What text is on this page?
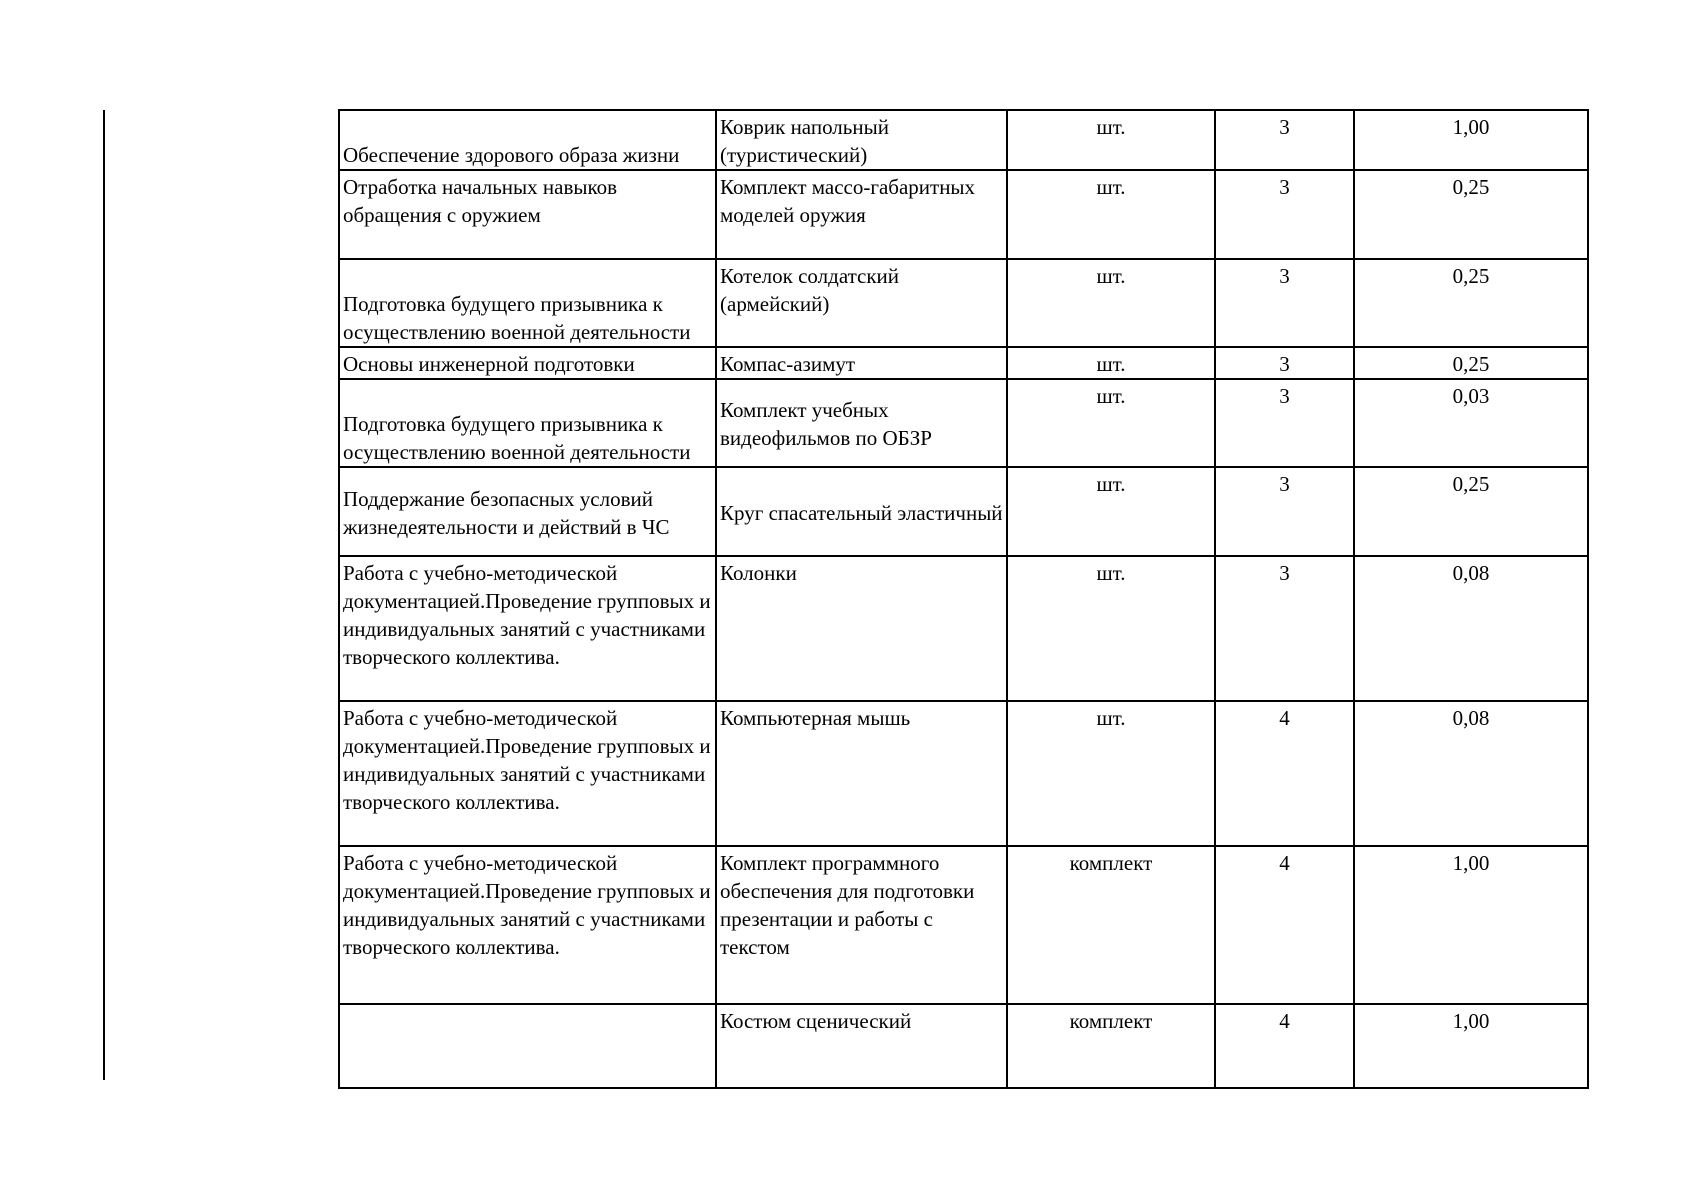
Обеспечение здорового образа жизни	Коврик напольный (туристический)	шт.	3	1,00
Отработка начальных навыков обращения с оружием	Комплект массо-габаритных моделей оружия	шт.	3	0,25
Подготовка будущего призывника к осуществлению военной деятельности	Котелок солдатский (армейский)	шт.	3	0,25
Основы инженерной подготовки	Компас-азимут	шт.	3	0,25
Подготовка будущего призывника к осуществлению военной деятельности	Комплект учебных видеофильмов по ОБЗР	шт.	3	0,03
Поддержание безопасных условий жизнедеятельности и действий в ЧС	Круг спасательный эластичный	шт.	3	0,25
Работа с учебно-методической документацией.Проведение групповых и индивидуальных занятий с участниками творческого коллектива.	Колонки	шт.	3	0,08
Работа с учебно-методической документацией.Проведение групповых и индивидуальных занятий с участниками творческого коллектива.	Компьютерная мышь	шт.	4	0,08
Работа с учебно-методической документацией.Проведение групповых и индивидуальных занятий с участниками творческого коллектива.	Комплект программного обеспечения для подготовки презентации и работы с текстом	комплект	4	1,00
	Костюм сценический	комплект	4	1,00
